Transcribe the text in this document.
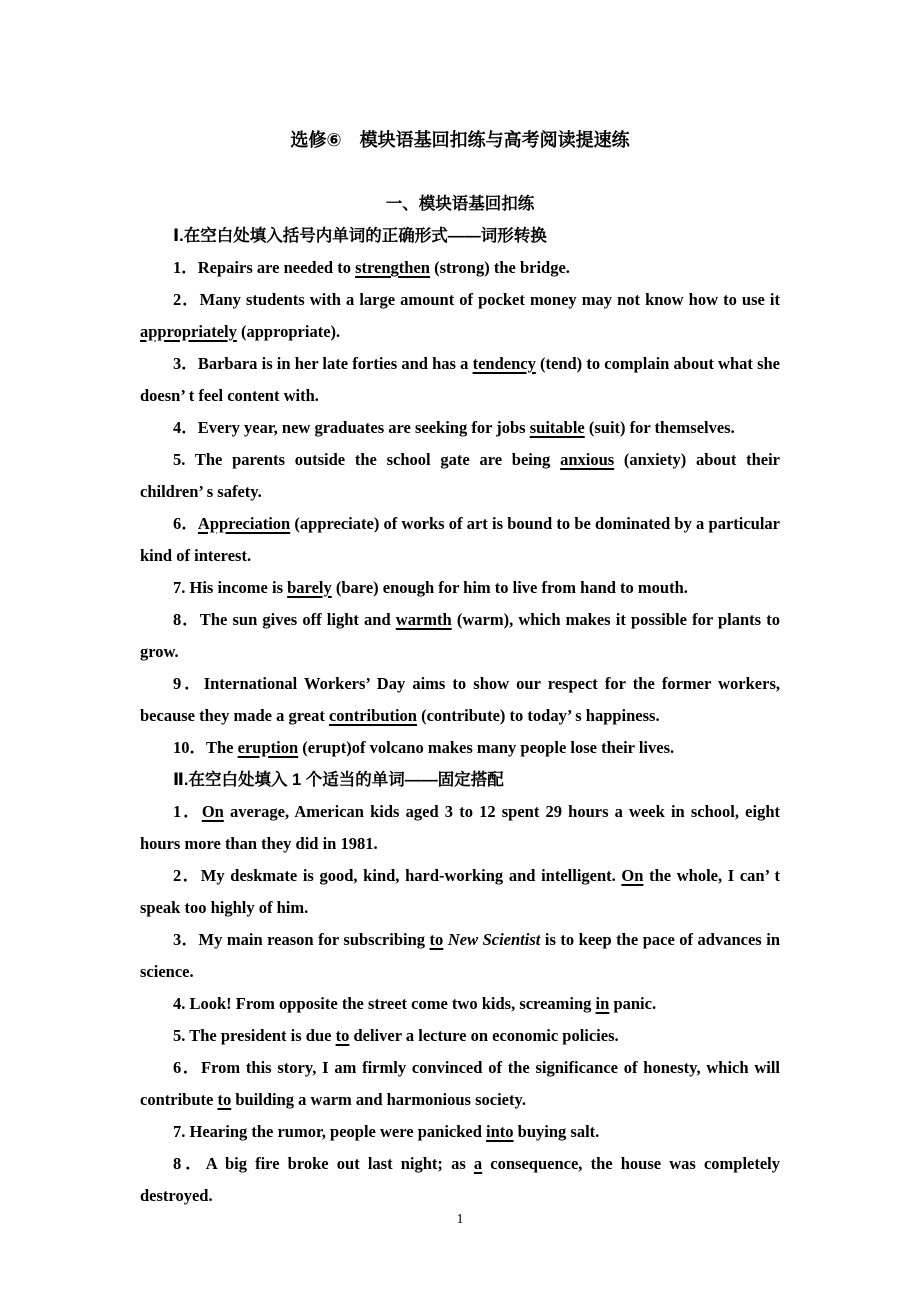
选修⑥　模块语基回扣练与高考阅读提速练
一、模块语基回扣练
Ⅰ.在空白处填入括号内单词的正确形式——词形转换

1．Repairs are needed to strengthen (strong) the bridge.

2．Many students with a large amount of pocket money may not know how to use it appropriately (appropriate).

3．Barbara is in her late forties and has a tendency (tend) to complain about what she doesn’ t feel content with.

4．Every year, new graduates are seeking for jobs suitable (suit) for themselves.

5. The parents outside the school gate are being anxious (anxiety) about their children’ s safety.

6．Appreciation (appreciate) of works of art is bound to be dominated by a particular kind of interest.

7. His income is barely (bare) enough for him to live from hand to mouth.

8．The sun gives off light and warmth (warm), which makes it possible for plants to grow.

9．International Workers’ Day aims to show our respect for the former workers, because they made a great contribution (contribute) to today’ s happiness.

10．The eruption (erupt)of volcano makes many people lose their lives.

Ⅱ.在空白处填入 1 个适当的单词——固定搭配

1．On average, American kids aged 3 to 12 spent 29 hours a week in school, eight hours more than they did in 1981.

2．My deskmate is good, kind, hard-working and intelligent. On the whole, I can’ t speak too highly of him.

3．My main reason for subscribing to New Scientist is to keep the pace of advances in science.

4. Look! From opposite the street come two kids, screaming in panic.

5. The president is due to deliver a lecture on economic policies.

6．From this story, I am firmly convinced of the significance of honesty, which will contribute to building a warm and harmonious society.

7. Hearing the rumor, people were panicked into buying salt.

8．A big fire broke out last night; as a consequence, the house was completely destroyed.

1
